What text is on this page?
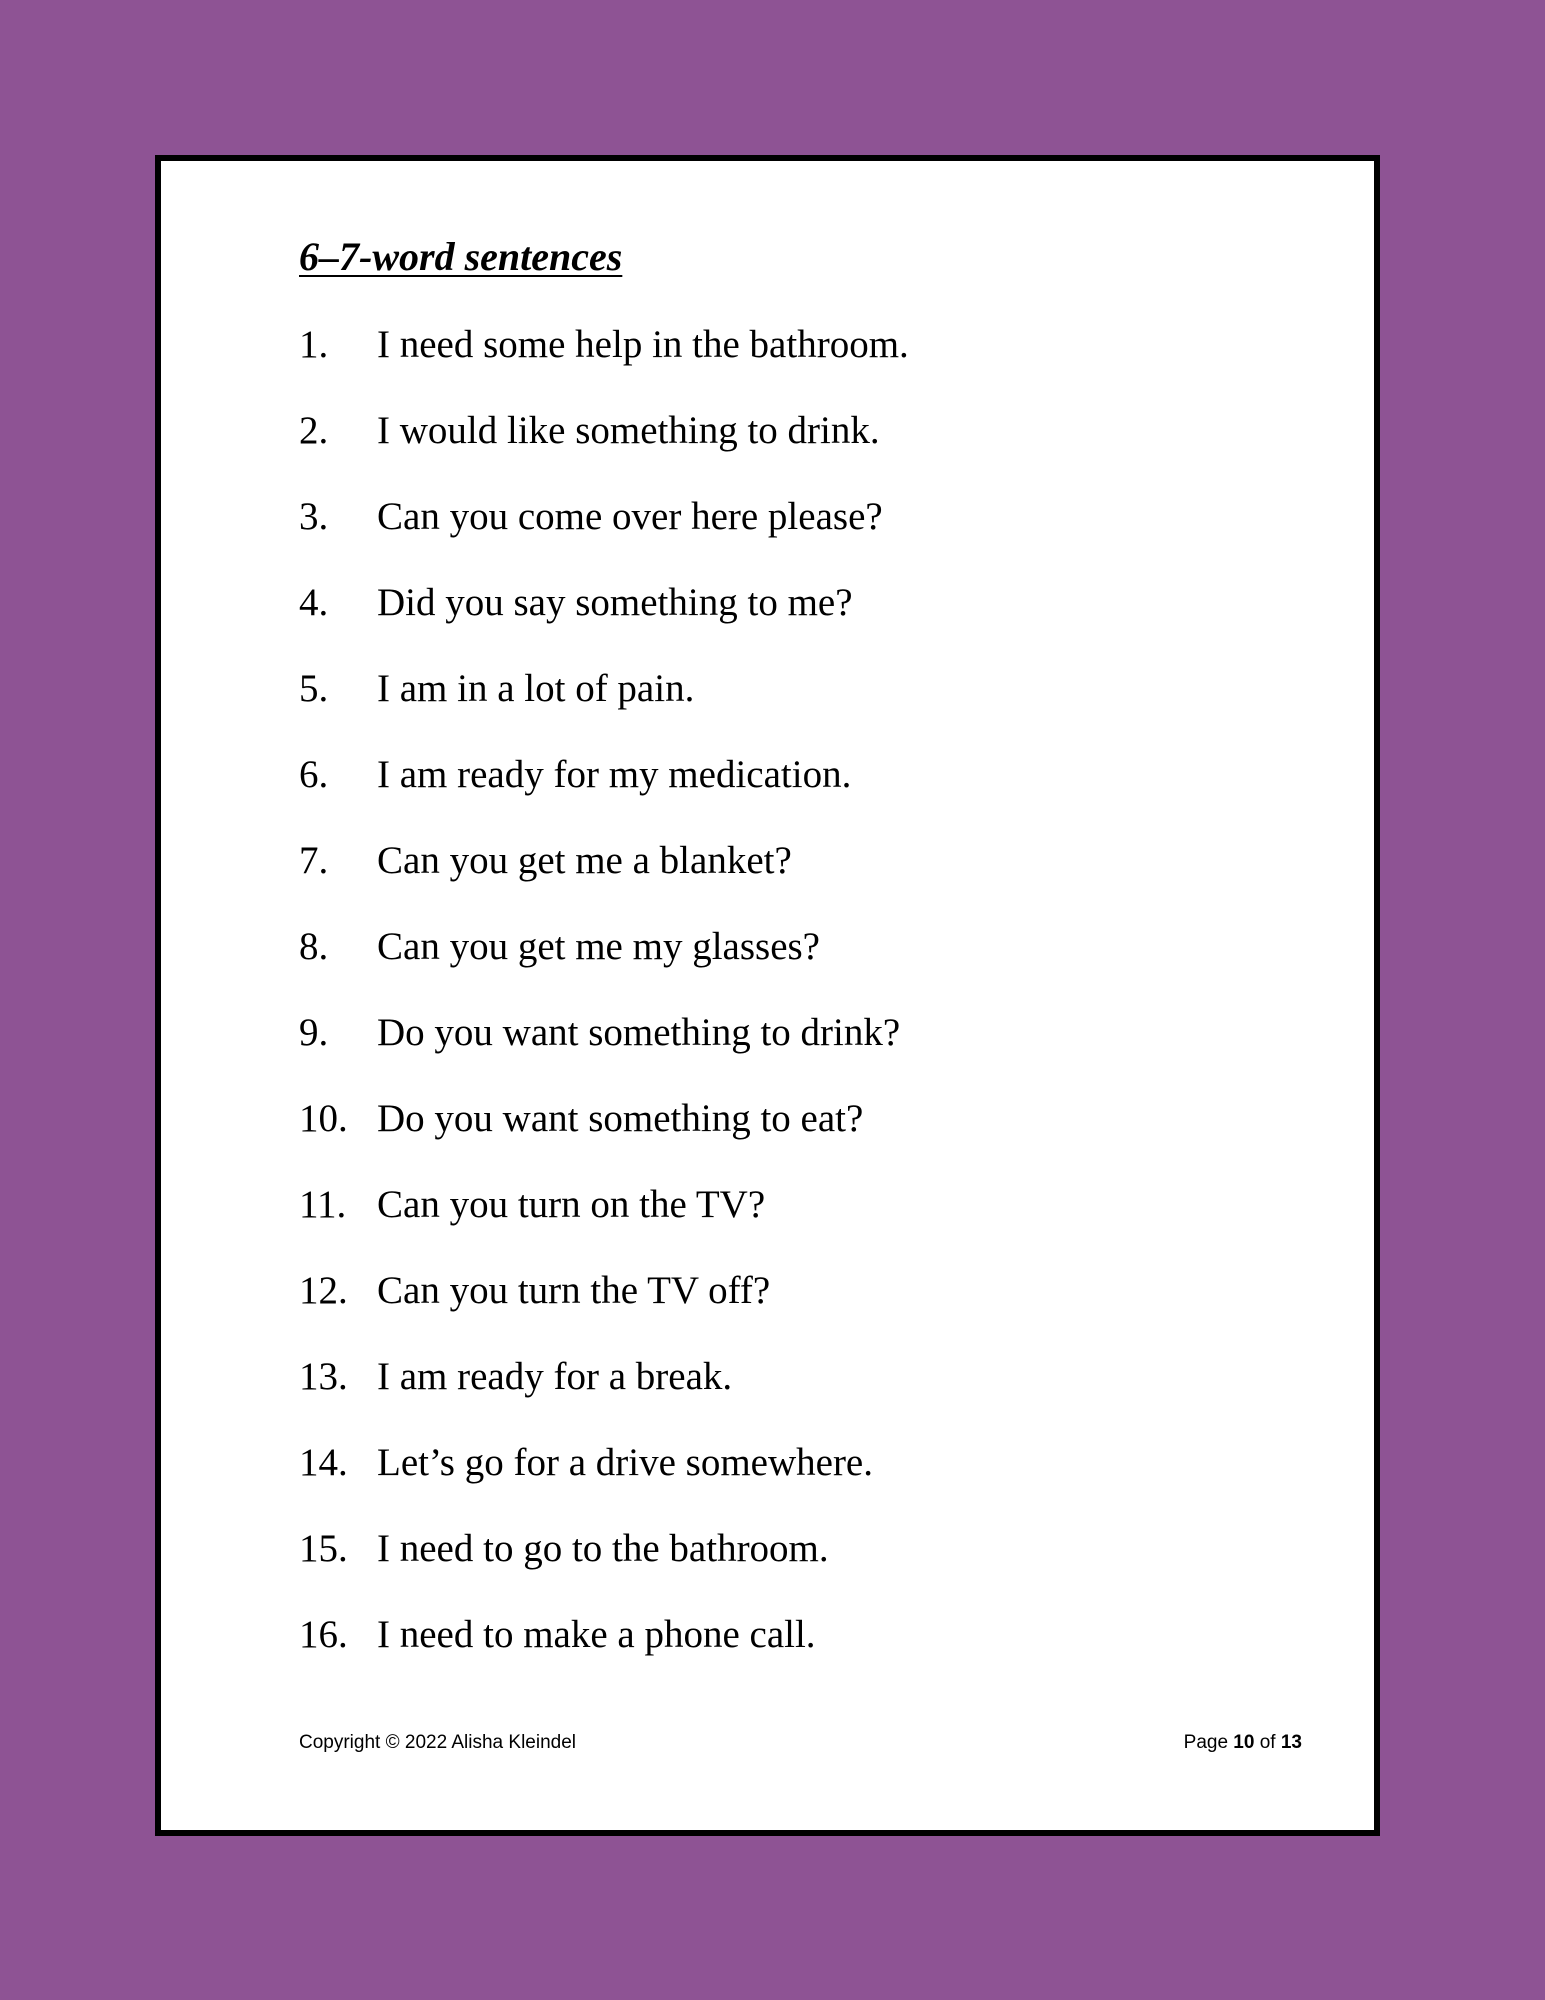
6–7-word sentences
1.	I need some help in the bathroom.
2.	I would like something to drink.
3.	Can you come over here please?
4.	Did you say something to me?
5.	I am in a lot of pain.
6.	I am ready for my medication.
7.	Can you get me a blanket?
8.	Can you get me my glasses?
9.	Do you want something to drink?
10. Do you want something to eat?
11. Can you turn on the TV?
12. Can you turn the TV off?
13. I am ready for a break.
14. Let’s go for a drive somewhere.
15. I need to go to the bathroom.
16. I need to make a phone call.
Copyright © 2022 Alisha Kleindel	Page 10 of 13
